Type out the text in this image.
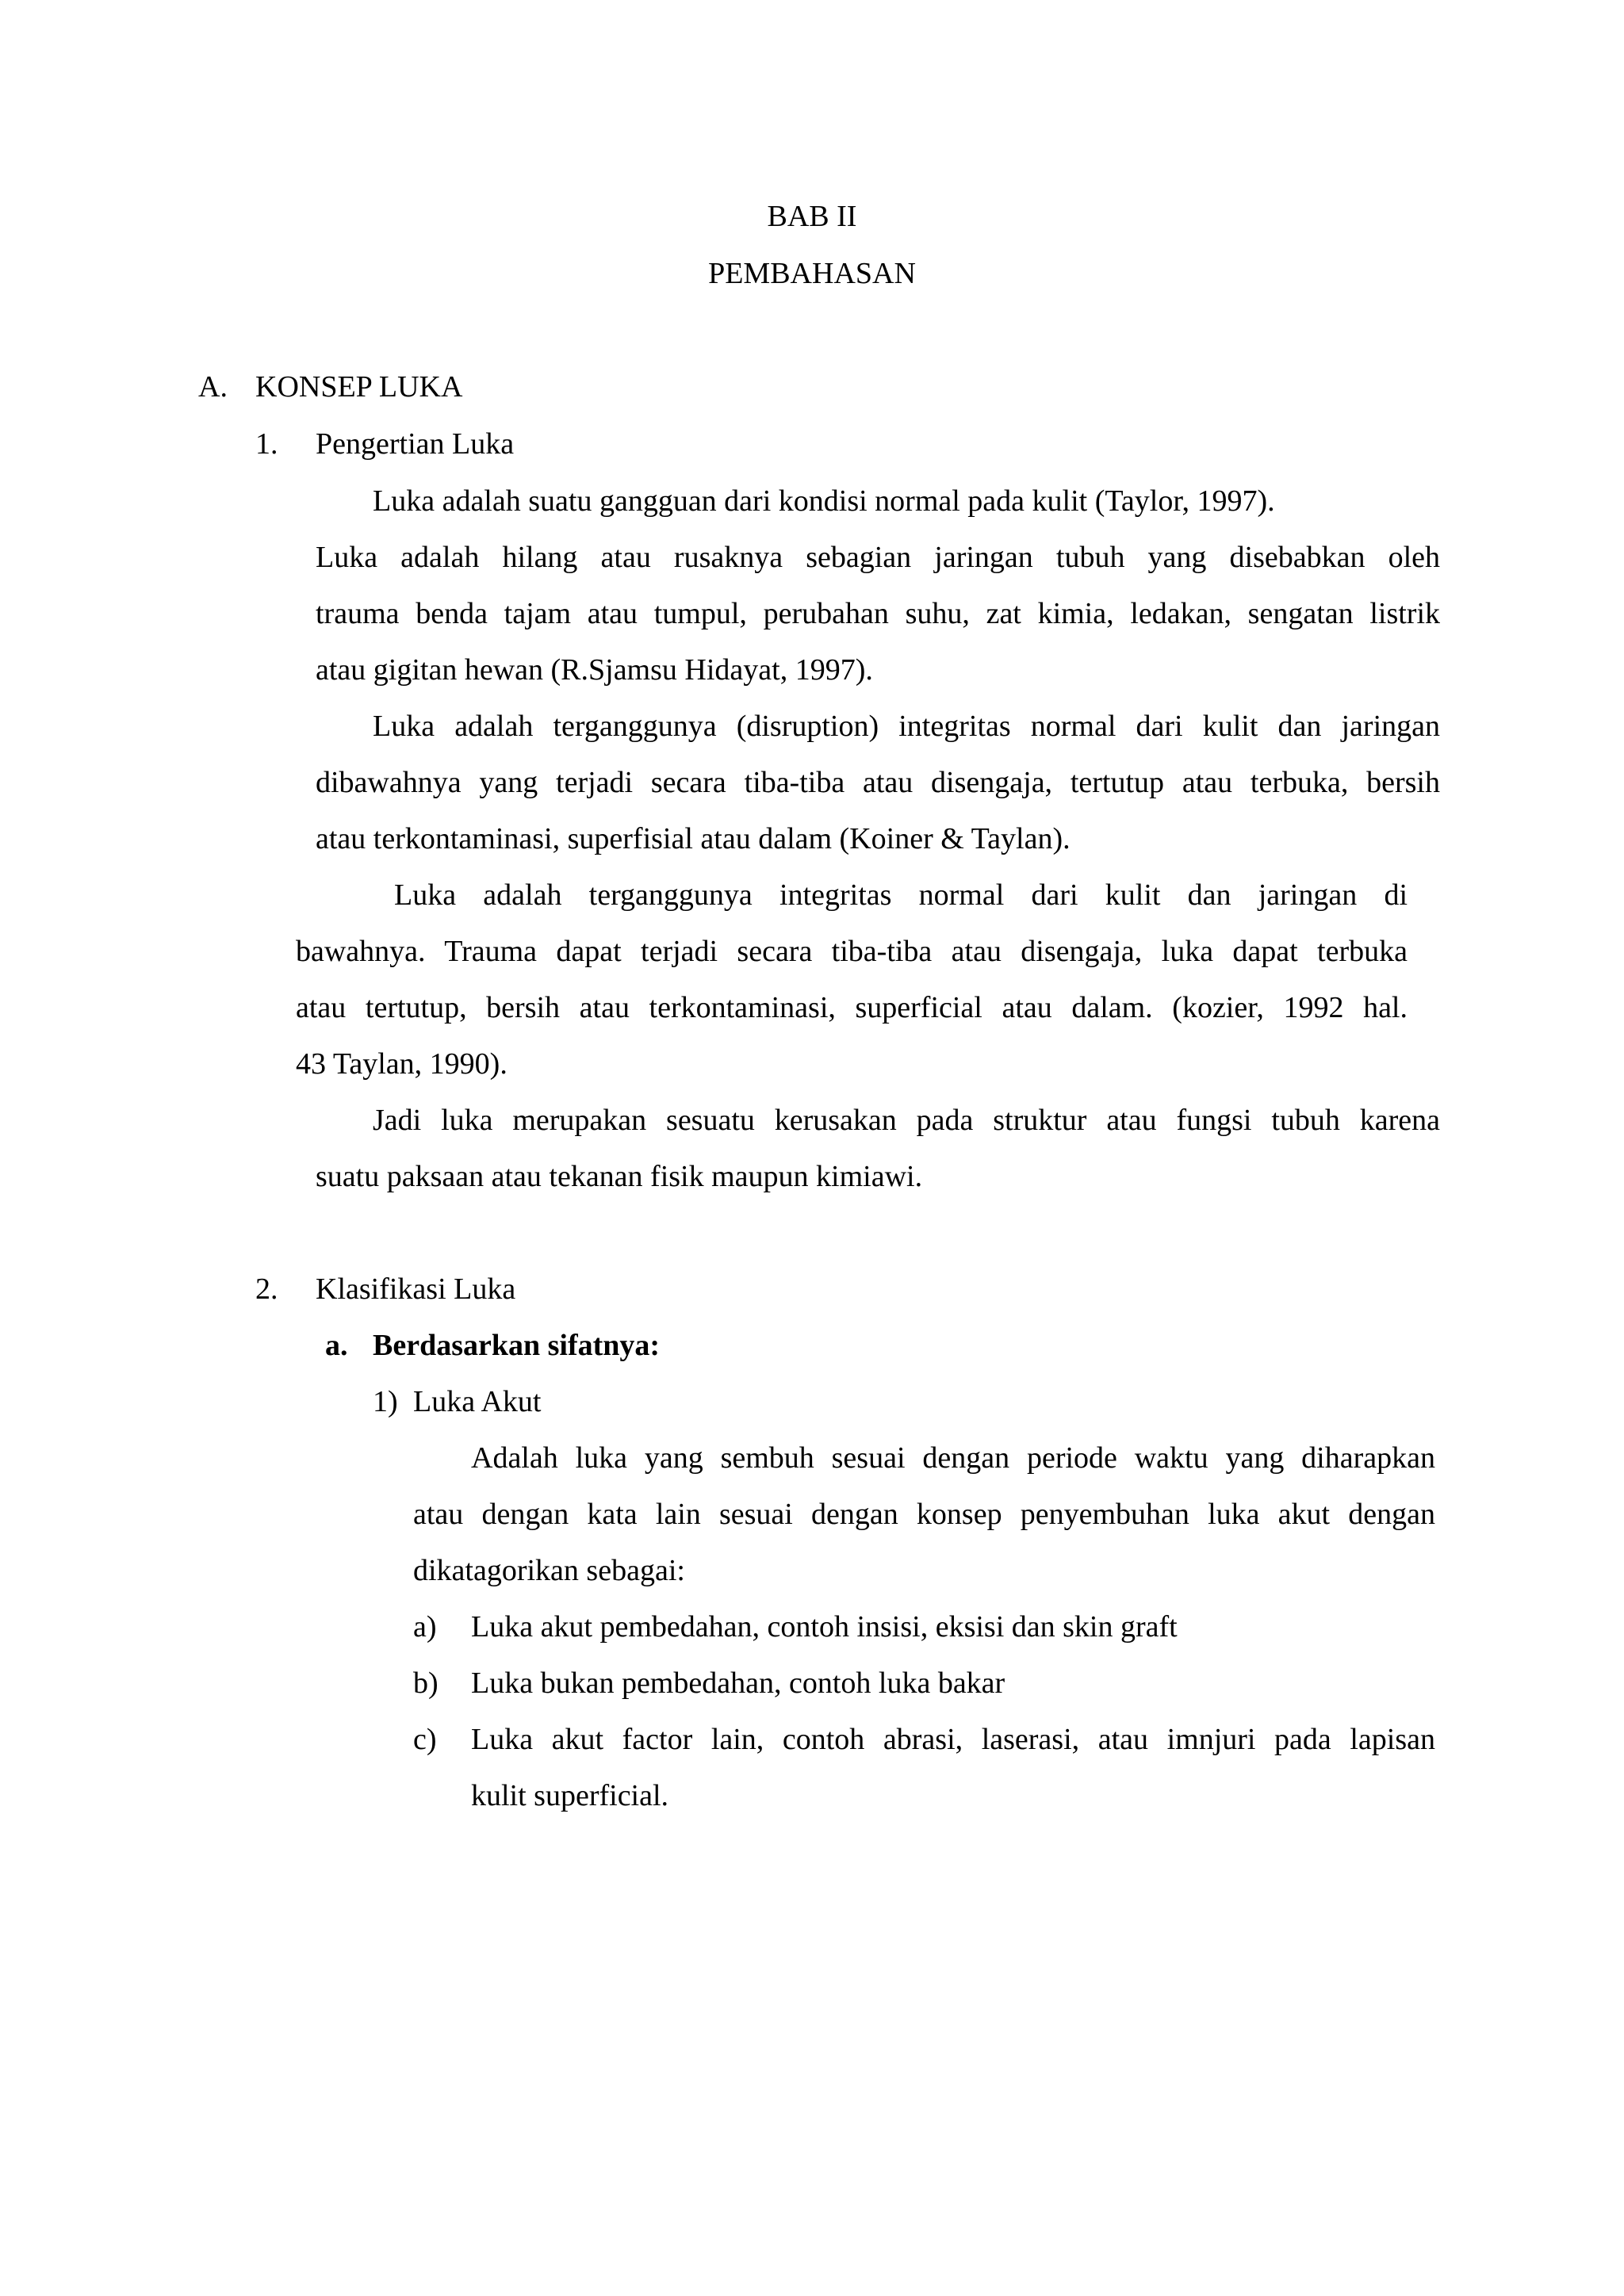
BAB II
PEMBAHASAN
A. KONSEP LUKA
1. Pengertian Luka
Luka adalah suatu gangguan dari kondisi normal pada kulit (Taylor, 1997).
Luka adalah hilang atau rusaknya sebagian jaringan tubuh yang disebabkan oleh
trauma benda tajam atau tumpul, perubahan suhu, zat kimia, ledakan, sengatan listrik
atau gigitan hewan (R.Sjamsu Hidayat, 1997).
Luka adalah terganggunya (disruption) integritas normal dari kulit dan jaringan
dibawahnya yang terjadi secara tiba-tiba atau disengaja, tertutup atau terbuka, bersih
atau terkontaminasi, superfisial atau dalam (Koiner & Taylan).
Luka adalah terganggunya integritas normal dari kulit dan jaringan di
bawahnya. Trauma dapat terjadi secara tiba-tiba atau disengaja, luka dapat terbuka
atau tertutup, bersih atau terkontaminasi, superficial atau dalam. (kozier, 1992 hal.
43 Taylan, 1990).
Jadi luka merupakan sesuatu kerusakan pada struktur atau fungsi tubuh karena
suatu paksaan atau tekanan fisik maupun kimiawi.
2. Klasifikasi Luka
a. Berdasarkan sifatnya:
1) Luka Akut
Adalah luka yang sembuh sesuai dengan periode waktu yang diharapkan
atau dengan kata lain sesuai dengan konsep penyembuhan luka akut dengan
dikatagorikan sebagai:
a) Luka akut pembedahan, contoh insisi, eksisi dan skin graft
b) Luka bukan pembedahan, contoh luka bakar
c) Luka akut factor lain, contoh abrasi, laserasi, atau imnjuri pada lapisan
kulit superficial.
